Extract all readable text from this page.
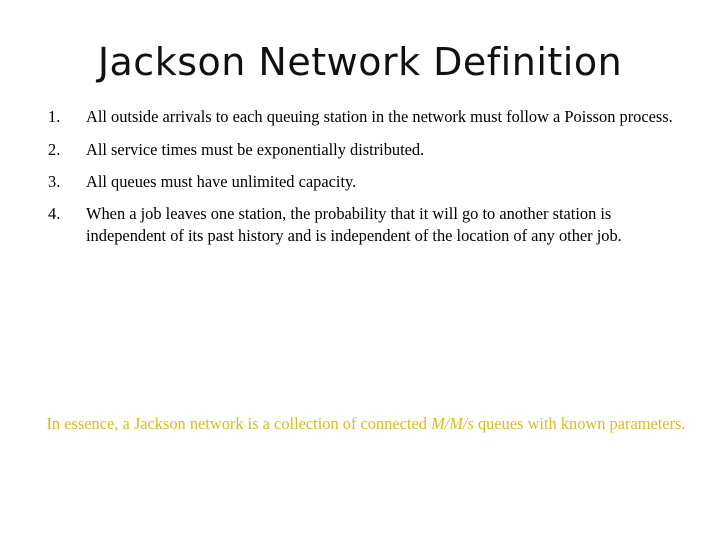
Jackson Network Definition
1. All outside arrivals to each queuing station in the network must follow a Poisson process.
2. All service times must be exponentially distributed.
3. All queues must have unlimited capacity.
4. When a job leaves one station, the probability that it will go to another station is independent of its past history and is independent of the location of any other job.
In essence, a Jackson network is a collection of connected M/M/s queues with known parameters.
